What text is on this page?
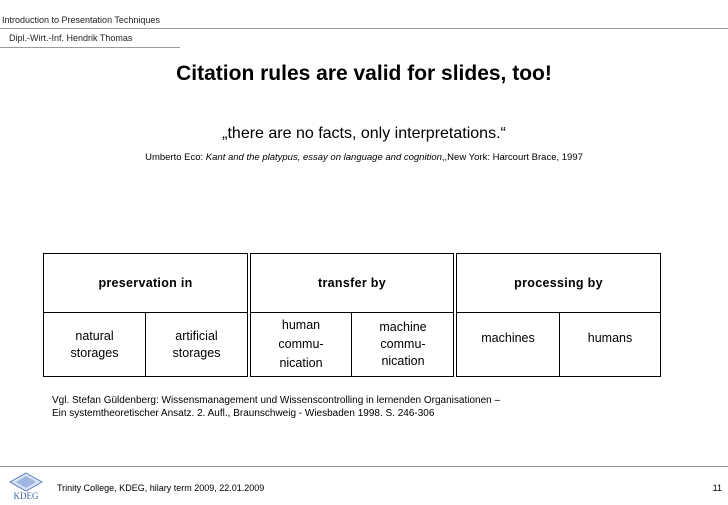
Introduction to Presentation Techniques
Dipl.-Wirt.-Inf. Hendrik Thomas
Citation rules are valid for slides, too!
„there are no facts, only interpretations.“
Umberto Eco: Kant and the platypus, essay on language and cognition,,New York: Harcourt Brace, 1997
preservation in
natural
storages
artificial
storages
transfer by
human
commu-
nication
machine
commu-
nication
processing by
machines	humans
Vgl. Stefan Güldenberg: Wissensmanagement und Wissenscontrolling in lernenden Organisationen –
Ein systemtheoretischer Ansatz. 2. Aufl., Braunschweig - Wiesbaden 1998. S. 246-306
KDEG
Trinity College, KDEG, hilary term 2009, 22.01.2009	11
